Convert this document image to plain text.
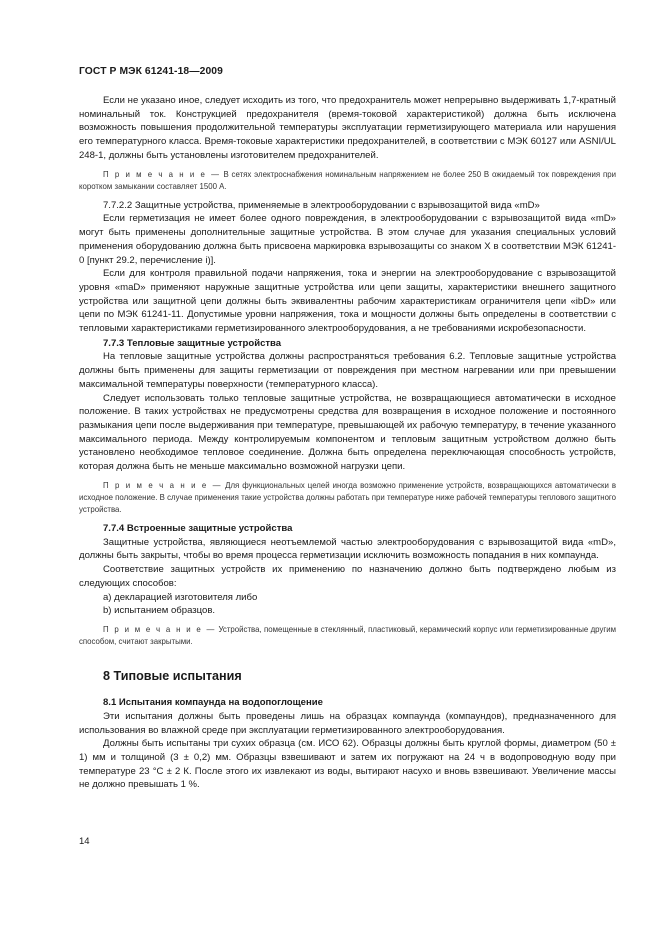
ГОСТ Р МЭК 61241-18—2009

Если не указано иное, следует исходить из того, что предохранитель может непрерывно выдерживать 1,7-кратный номинальный ток. Конструкцией предохранителя (время-токовой характеристикой) должна быть исключена возможность повышения продолжительной температуры эксплуатации герметизирующего материала или нарушения его температурного класса. Время-токовые характеристики предохранителей, в соответствии с МЭК 60127 или ASNI/UL 248-1, должны быть установлены изготовителем предохранителей.

П р и м е ч а н и е — В сетях электроснабжения номинальным напряжением не более 250 В ожидаемый ток повреждения при коротком замыкании составляет 1500 А.

7.7.2.2 Защитные устройства, применяемые в электрооборудовании с взрывозащитой вида «mD»

Если герметизация не имеет более одного повреждения, в электрооборудовании с взрывозащитой вида «mD» могут быть применены дополнительные защитные устройства. В этом случае для указания специальных условий применения оборудованию должна быть присвоена маркировка взрывозащиты со знаком Х в соответствии МЭК 61241-0 [пункт 29.2, перечисление i)].

Если для контроля правильной подачи напряжения, тока и энергии на электрооборудование с взрывозащитой уровня «maD» применяют наружные защитные устройства или цепи защиты, характеристики внешнего защитного устройства или защитной цепи должны быть эквивалентны рабочим характеристикам ограничителя цепи «ibD» или цепи по МЭК 61241-11. Допустимые уровни напряжения, тока и мощности должны быть определены в соответствии с тепловыми характеристиками герметизированного электрооборудования, а не требованиями искробезопасности.

7.7.3 Тепловые защитные устройства

На тепловые защитные устройства должны распространяться требования 6.2. Тепловые защитные устройства должны быть применены для защиты герметизации от повреждения при местном нагревании или при превышении максимальной температуры поверхности (температурного класса).

Следует использовать только тепловые защитные устройства, не возвращающиеся автоматически в исходное положение. В таких устройствах не предусмотрены средства для возвращения в исходное положение и постоянного размыкания цепи после выдерживания при температуре, превышающей их рабочую температуру, в течение указанного максимального периода. Между контролируемым компонентом и тепловым защитным устройством должно быть установлено необходимое тепловое соединение. Должна быть определена переключающая способность устройств, которая должна быть не меньше максимально возможной нагрузки цепи.

П р и м е ч а н и е — Для функциональных целей иногда возможно применение устройств, возвращающихся автоматически в исходное положение. В случае применения такие устройства должны работать при температуре ниже рабочей температуры теплового защитного устройства.
7.7.4 Встроенные защитные устройства

Защитные устройства, являющиеся неотъемлемой частью электрооборудования с взрывозащитой вида «mD», должны быть закрыты, чтобы во время процесса герметизации исключить возможность попадания в них компаунда.

Соответствие защитных устройств их применению по назначению должно быть подтверждено любым из следующих способов:

a) декларацией изготовителя либо
b) испытанием образцов.
П р и м е ч а н и е — Устройства, помещенные в стеклянный, пластиковый, керамический корпус или герметизированные другим способом, считают закрытыми.
8 Типовые испытания
8.1 Испытания компаунда на водопоглощение

Эти испытания должны быть проведены лишь на образцах компаунда (компаундов), предназначенного для использования во влажной среде при эксплуатации герметизированного электрооборудования.

Должны быть испытаны три сухих образца (см. ИСО 62). Образцы должны быть круглой формы, диаметром (50 ± 1) мм и толщиной (3 ± 0,2) мм. Образцы взвешивают и затем их погружают на 24 ч в водопроводную воду при температуре 23 °С ± 2 К. После этого их извлекают из воды, вытирают насухо и вновь взвешивают. Увеличение массы не должно превышать 1 %.

14
